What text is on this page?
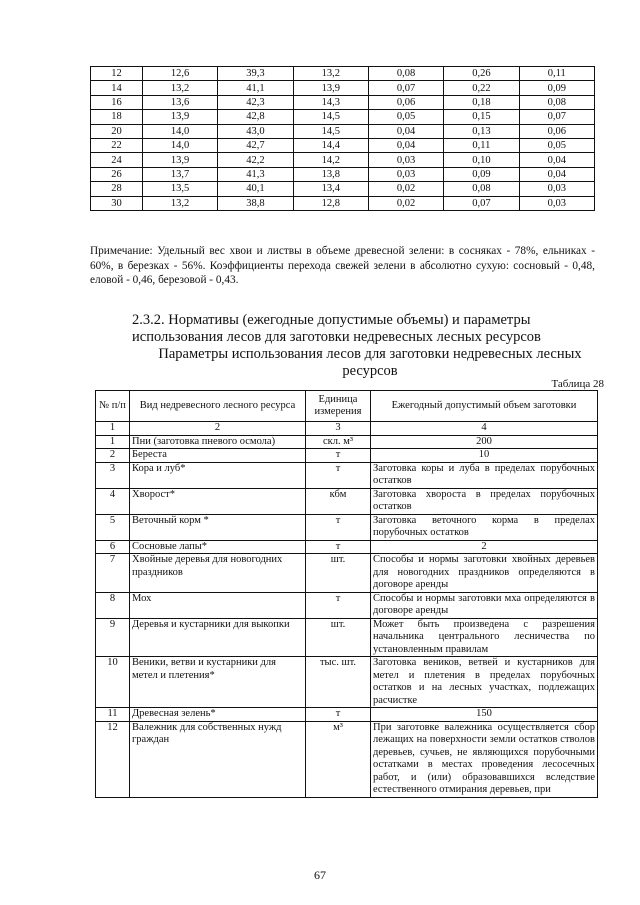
12	12,6	39,3	13,2	0,08	0,26	0,11
14	13,2	41,1	13,9	0,07	0,22	0,09
16	13,6	42,3	14,3	0,06	0,18	0,08
18	13,9	42,8	14,5	0,05	0,15	0,07
20	14,0	43,0	14,5	0,04	0,13	0,06
22	14,0	42,7	14,4	0,04	0,11	0,05
24	13,9	42,2	14,2	0,03	0,10	0,04
26	13,7	41,3	13,8	0,03	0,09	0,04
28	13,5	40,1	13,4	0,02	0,08	0,03
30	13,2	38,8	12,8	0,02	0,07	0,03
Примечание: Удельный вес хвои и листвы в объеме древесной зелени: в сосняках - 78%, ельниках - 60%, в березках - 56%. Коэффициенты перехода свежей зелени в абсолютно сухую: сосновый - 0,48, еловой - 0,46, березовой - 0,43.
2.3.2. Нормативы (ежегодные допустимые объемы) и параметры использования лесов для заготовки недревесных лесных ресурсов
Параметры использования лесов для заготовки недревесных лесных ресурсов
Таблица 28
№ п/п	Вид недревесного лесного ресурса	Единица измерения	Ежегодный допустимый объем заготовки
1	2	3	4
1	Пни (заготовка пневого осмола)	скл. м³	200
2	Береста	т	10
3	Кора и луб*	т	Заготовка коры и луба в пределах порубочных остатков
4	Хворост*	кбм	Заготовка хвороста в пределах порубочных остатков
5	Веточный корм *	т	Заготовка веточного корма в пределах порубочных остатков
6	Сосновые лапы*	т	2
7	Хвойные деревья для новогодних праздников	шт.	Способы и нормы заготовки хвойных деревьев для новогодних праздников определяются в договоре аренды
8	Мох	т	Способы и нормы заготовки мха определяются в договоре аренды
9	Деревья и кустарники для выкопки	шт.	Может быть произведена с разрешения начальника центрального лесничества по установленным правилам
10	Веники, ветви и кустарники для метел и плетения*	тыс. шт.	Заготовка веников, ветвей и кустарников для метел и плетения в пределах порубочных остатков и на лесных участках, подлежащих расчистке
11	Древесная зелень*	т	150
12	Валежник для собственных нужд граждан	м³	При заготовке валежника осуществляется сбор лежащих на поверхности земли остатков стволов деревьев, сучьев, не являющихся порубочными остатками в местах проведения лесосечных работ, и (или) образовавшихся вследствие естественного отмирания деревьев, при
67
